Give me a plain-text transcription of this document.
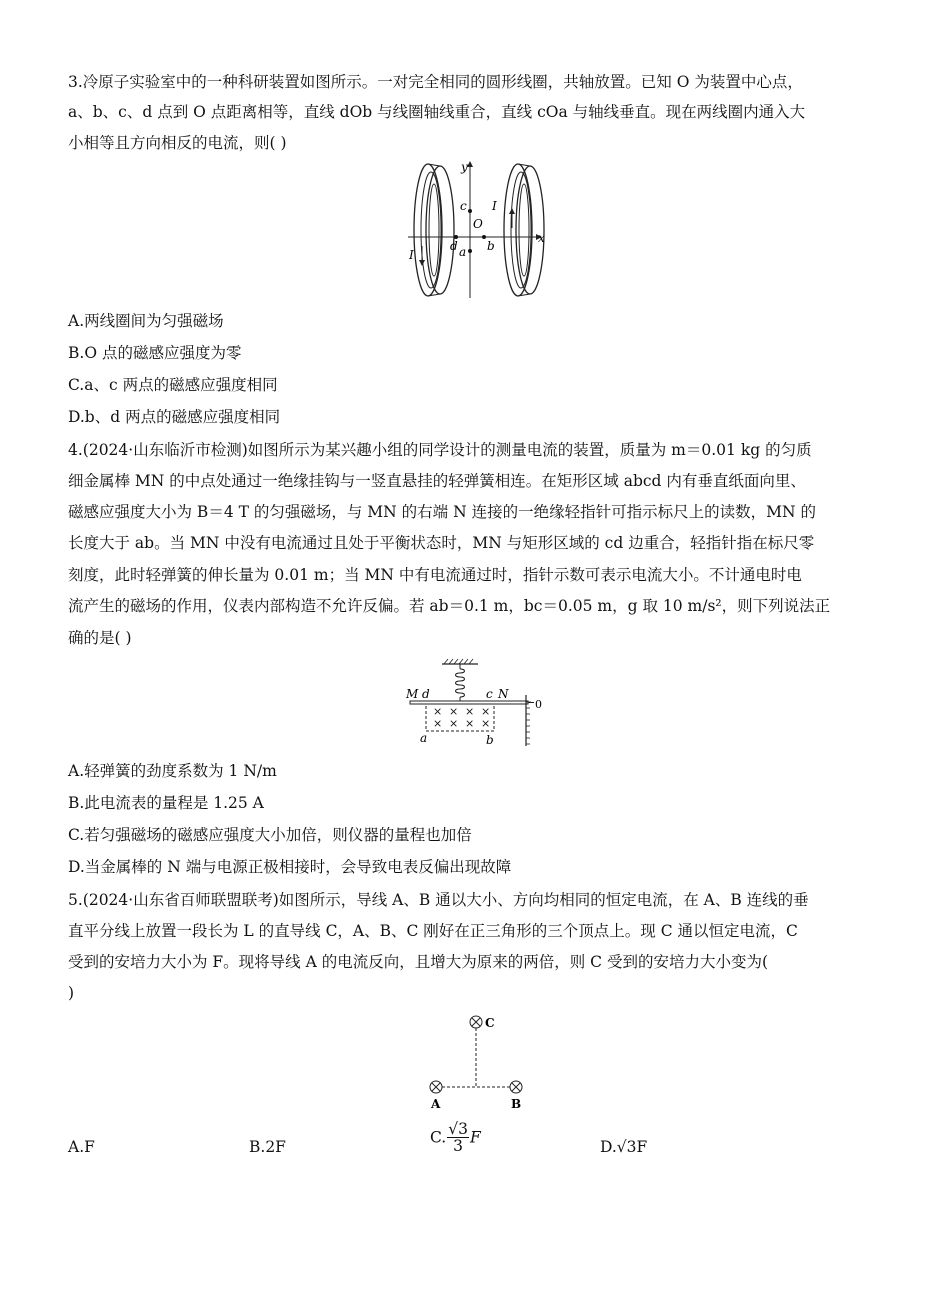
3.冷原子实验室中的一种科研装置如图所示。一对完全相同的圆形线圈，共轴放置。已知 O 为装置中心点，
a、b、c、d 点到 O 点距离相等，直线 dOb 与线圈轴线重合，直线 cOa 与轴线垂直。现在两线圈内通入大
小相等且方向相反的电流，则( )
y
x
c
O
I
d b
a
I
A.两线圈间为匀强磁场
B.O 点的磁感应强度为零
C.a、c 两点的磁感应强度相同
D.b、d 两点的磁感应强度相同
4.(2024·山东临沂市检测)如图所示为某兴趣小组的同学设计的测量电流的装置，质量为 m＝0.01 kg 的匀质
细金属棒 MN 的中点处通过一绝缘挂钩与一竖直悬挂的轻弹簧相连。在矩形区域 abcd 内有垂直纸面向里、
磁感应强度大小为 B＝4 T 的匀强磁场，与 MN 的右端 N 连接的一绝缘轻指针可指示标尺上的读数，MN 的
长度大于 ab。当 MN 中没有电流通过且处于平衡状态时，MN 与矩形区域的 cd 边重合，轻指针指在标尺零
刻度，此时轻弹簧的伸长量为 0.01 m；当 MN 中有电流通过时，指针示数可表示电流大小。不计通电时电
流产生的磁场的作用，仪表内部构造不允许反偏。若 ab＝0.1 m，bc＝0.05 m，g 取 10 m/s²，则下列说法正
确的是( )
× × × ×
× × × ×
M d	c N
0
a	b
A.轻弹簧的劲度系数为 1 N/m
B.此电流表的量程是 1.25 A
C.若匀强磁场的磁感应强度大小加倍，则仪器的量程也加倍
D.当金属棒的 N 端与电源正极相接时，会导致电表反偏出现故障
5.(2024·山东省百师联盟联考)如图所示，导线 A、B 通以大小、方向均相同的恒定电流，在 A、B 连线的垂
直平分线上放置一段长为 L 的直导线 C，A、B、C 刚好在正三角形的三个顶点上。现 C 通以恒定电流，C
受到的安培力大小为 F。现将导线 A 的电流反向，且增大为原来的两倍，则 C 受到的安培力大小变为(
)
C
A	B
A.F	B.2F
C. $\frac{√3}{3}$ F
D.√3F
